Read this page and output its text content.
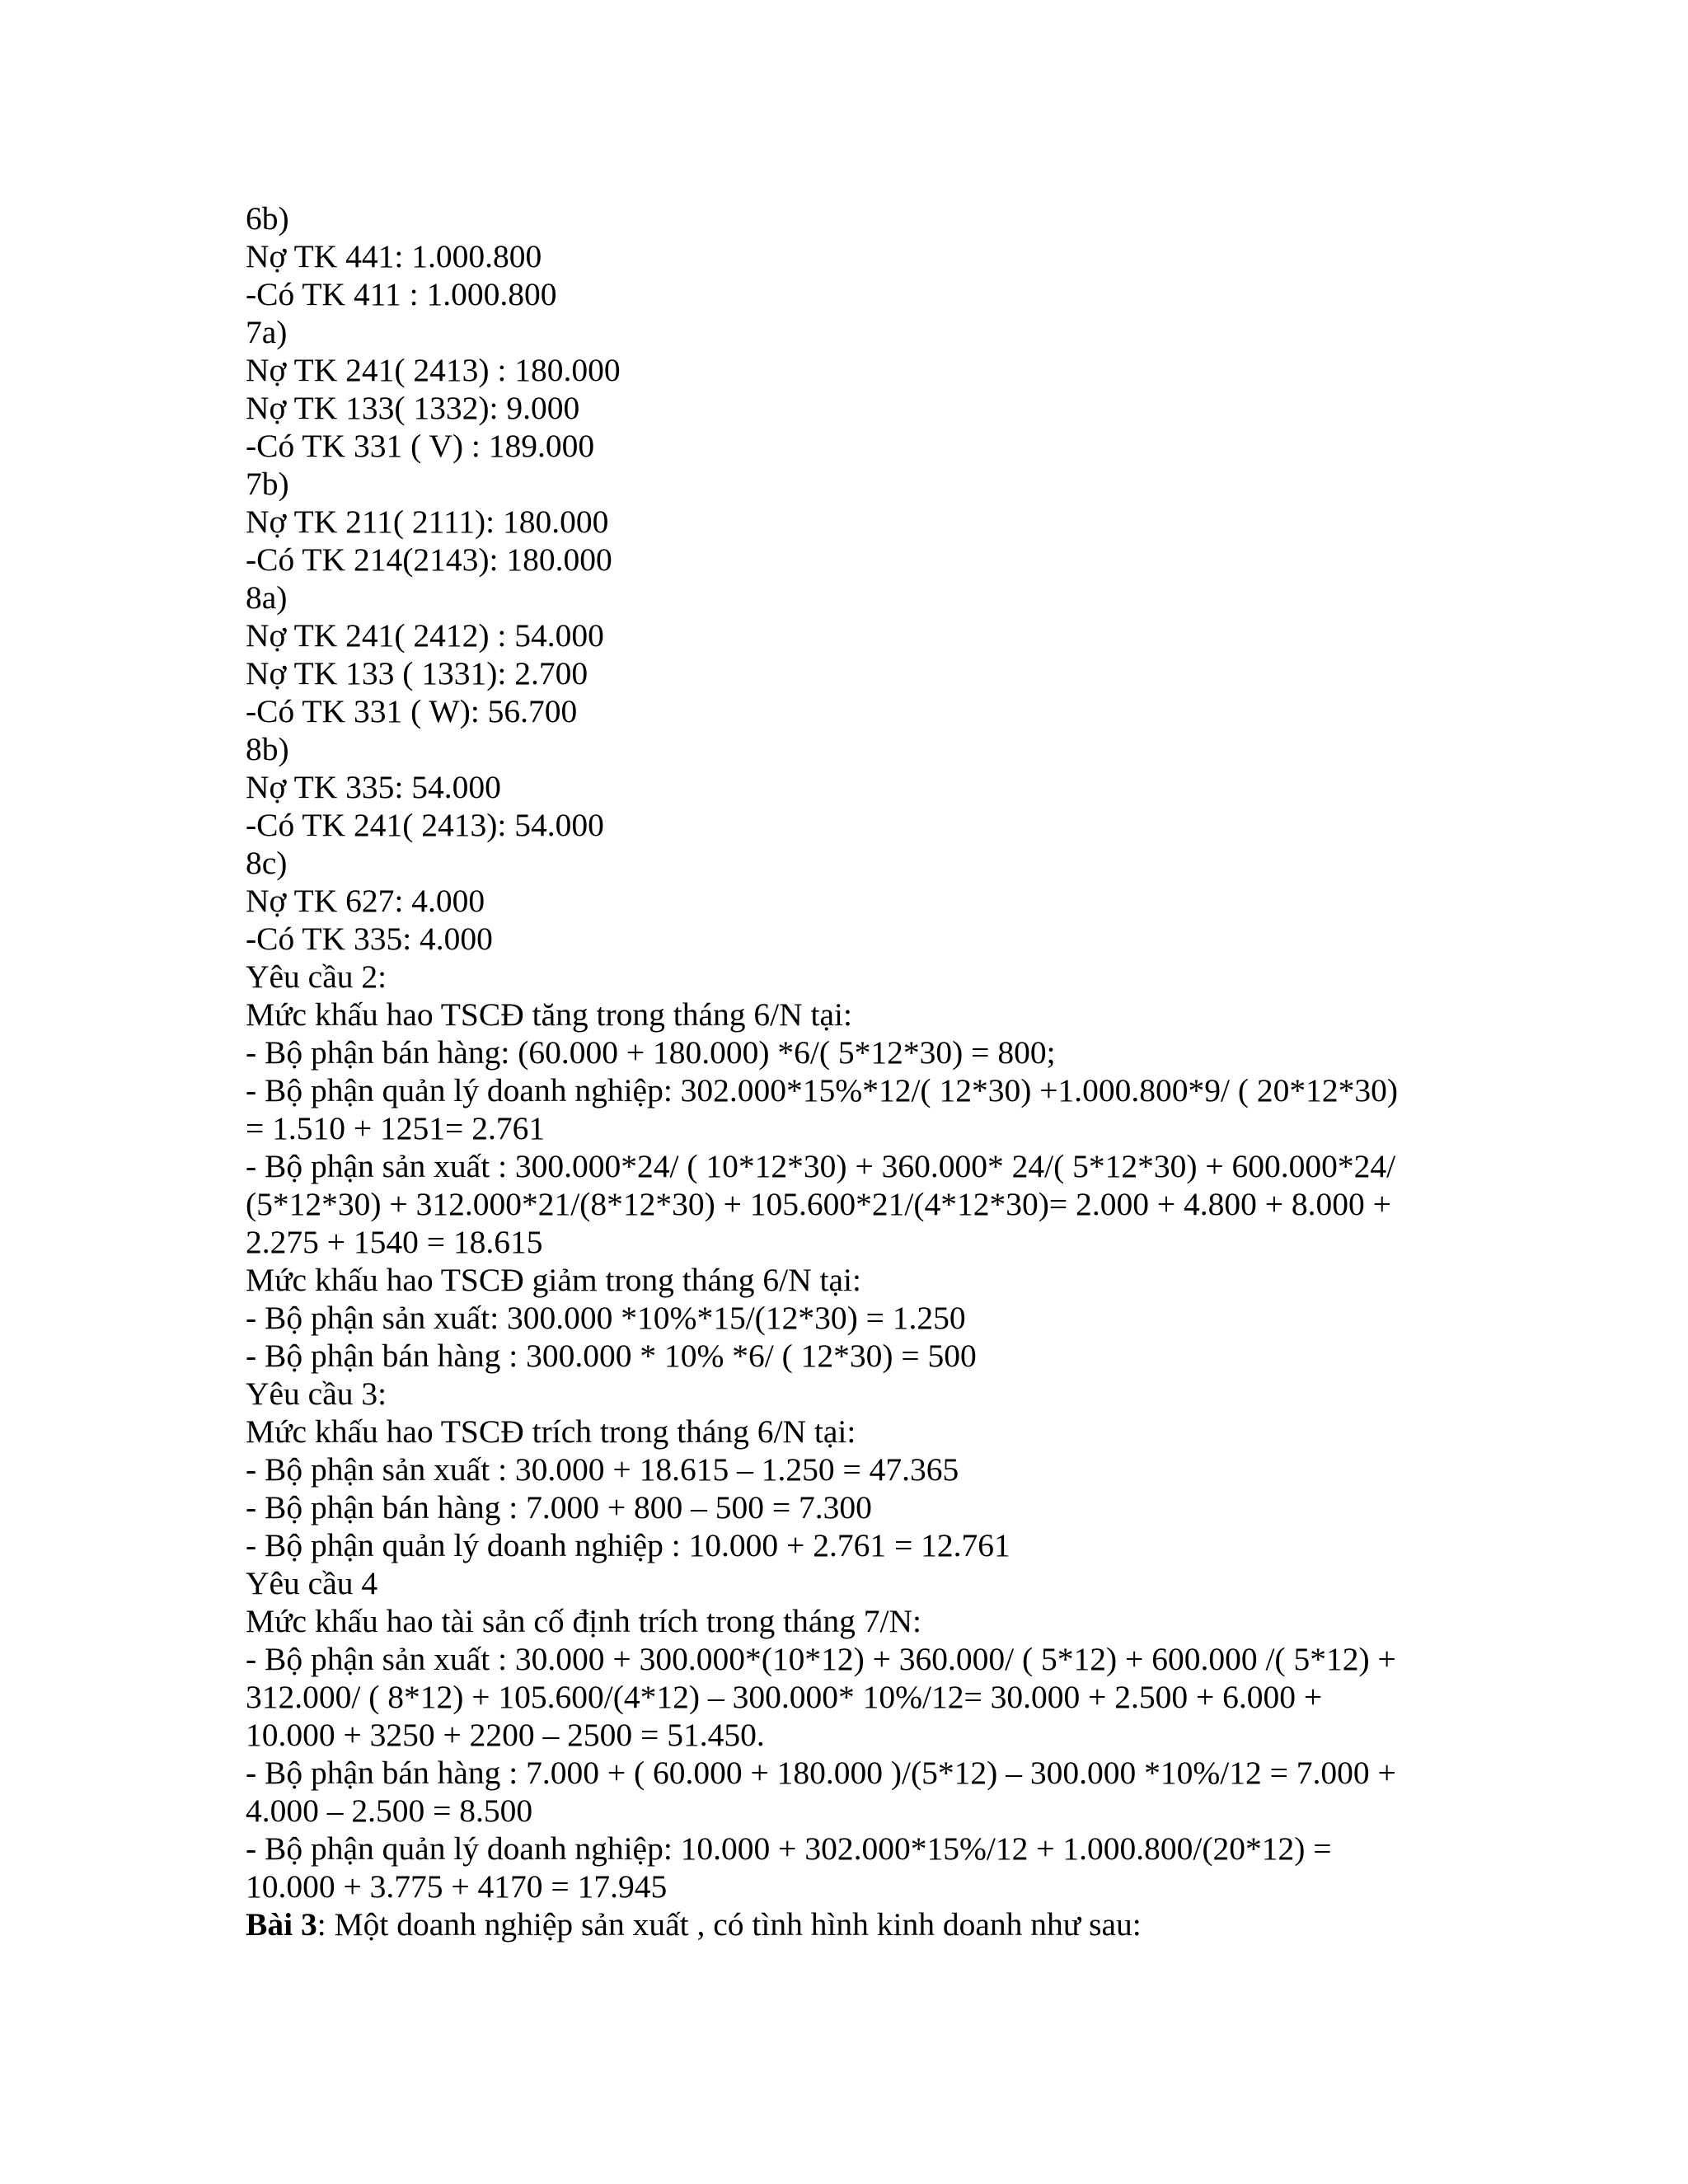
6b)

Nợ TK 441: 1.000.800

-Có TK 411 : 1.000.800

7a)

Nợ TK 241( 2413) : 180.000

Nợ TK 133( 1332): 9.000

-Có TK 331 ( V) : 189.000

7b)

Nợ TK 211( 2111): 180.000

-Có TK 214(2143): 180.000

8a)

Nợ TK 241( 2412) : 54.000

Nợ TK 133 ( 1331): 2.700

-Có TK 331 ( W): 56.700

8b)

Nợ TK 335: 54.000

-Có TK 241( 2413): 54.000

8c)

Nợ TK 627: 4.000

-Có TK 335: 4.000

Yêu cầu 2:

Mức khấu hao TSCĐ tăng trong tháng 6/N tại:

- Bộ phận bán hàng: (60.000 + 180.000) *6/( 5*12*30) = 800;

- Bộ phận quản lý doanh nghiệp: 302.000*15%*12/( 12*30) +1.000.800*9/ ( 20*12*30)

= 1.510 + 1251= 2.761

- Bộ phận sản xuất : 300.000*24/ ( 10*12*30) + 360.000* 24/( 5*12*30) + 600.000*24/

(5*12*30) + 312.000*21/(8*12*30) + 105.600*21/(4*12*30)= 2.000 + 4.800 + 8.000 +

2.275 + 1540 = 18.615

Mức khấu hao TSCĐ giảm trong tháng 6/N tại:

- Bộ phận sản xuất: 300.000 *10%*15/(12*30) = 1.250

- Bộ phận bán hàng : 300.000 * 10% *6/ ( 12*30) = 500

Yêu cầu 3:

Mức khấu hao TSCĐ trích trong tháng 6/N tại:

- Bộ phận sản xuất : 30.000 + 18.615 – 1.250 = 47.365

- Bộ phận bán hàng : 7.000 + 800 – 500 = 7.300

- Bộ phận quản lý doanh nghiệp : 10.000 + 2.761 = 12.761

Yêu cầu 4

Mức khấu hao tài sản cố định trích trong tháng 7/N:

- Bộ phận sản xuất : 30.000 + 300.000*(10*12) + 360.000/ ( 5*12) + 600.000 /( 5*12) +

312.000/ ( 8*12) + 105.600/(4*12) – 300.000* 10%/12= 30.000 + 2.500 + 6.000 +

10.000 + 3250 + 2200 – 2500 = 51.450.

- Bộ phận bán hàng : 7.000 + ( 60.000 + 180.000 )/(5*12) – 300.000 *10%/12 = 7.000 +

4.000 – 2.500 = 8.500

- Bộ phận quản lý doanh nghiệp: 10.000 + 302.000*15%/12 + 1.000.800/(20*12) =

10.000 + 3.775 + 4170 = 17.945

Bài 3: Một doanh nghiệp sản xuất , có tình hình kinh doanh như sau:
